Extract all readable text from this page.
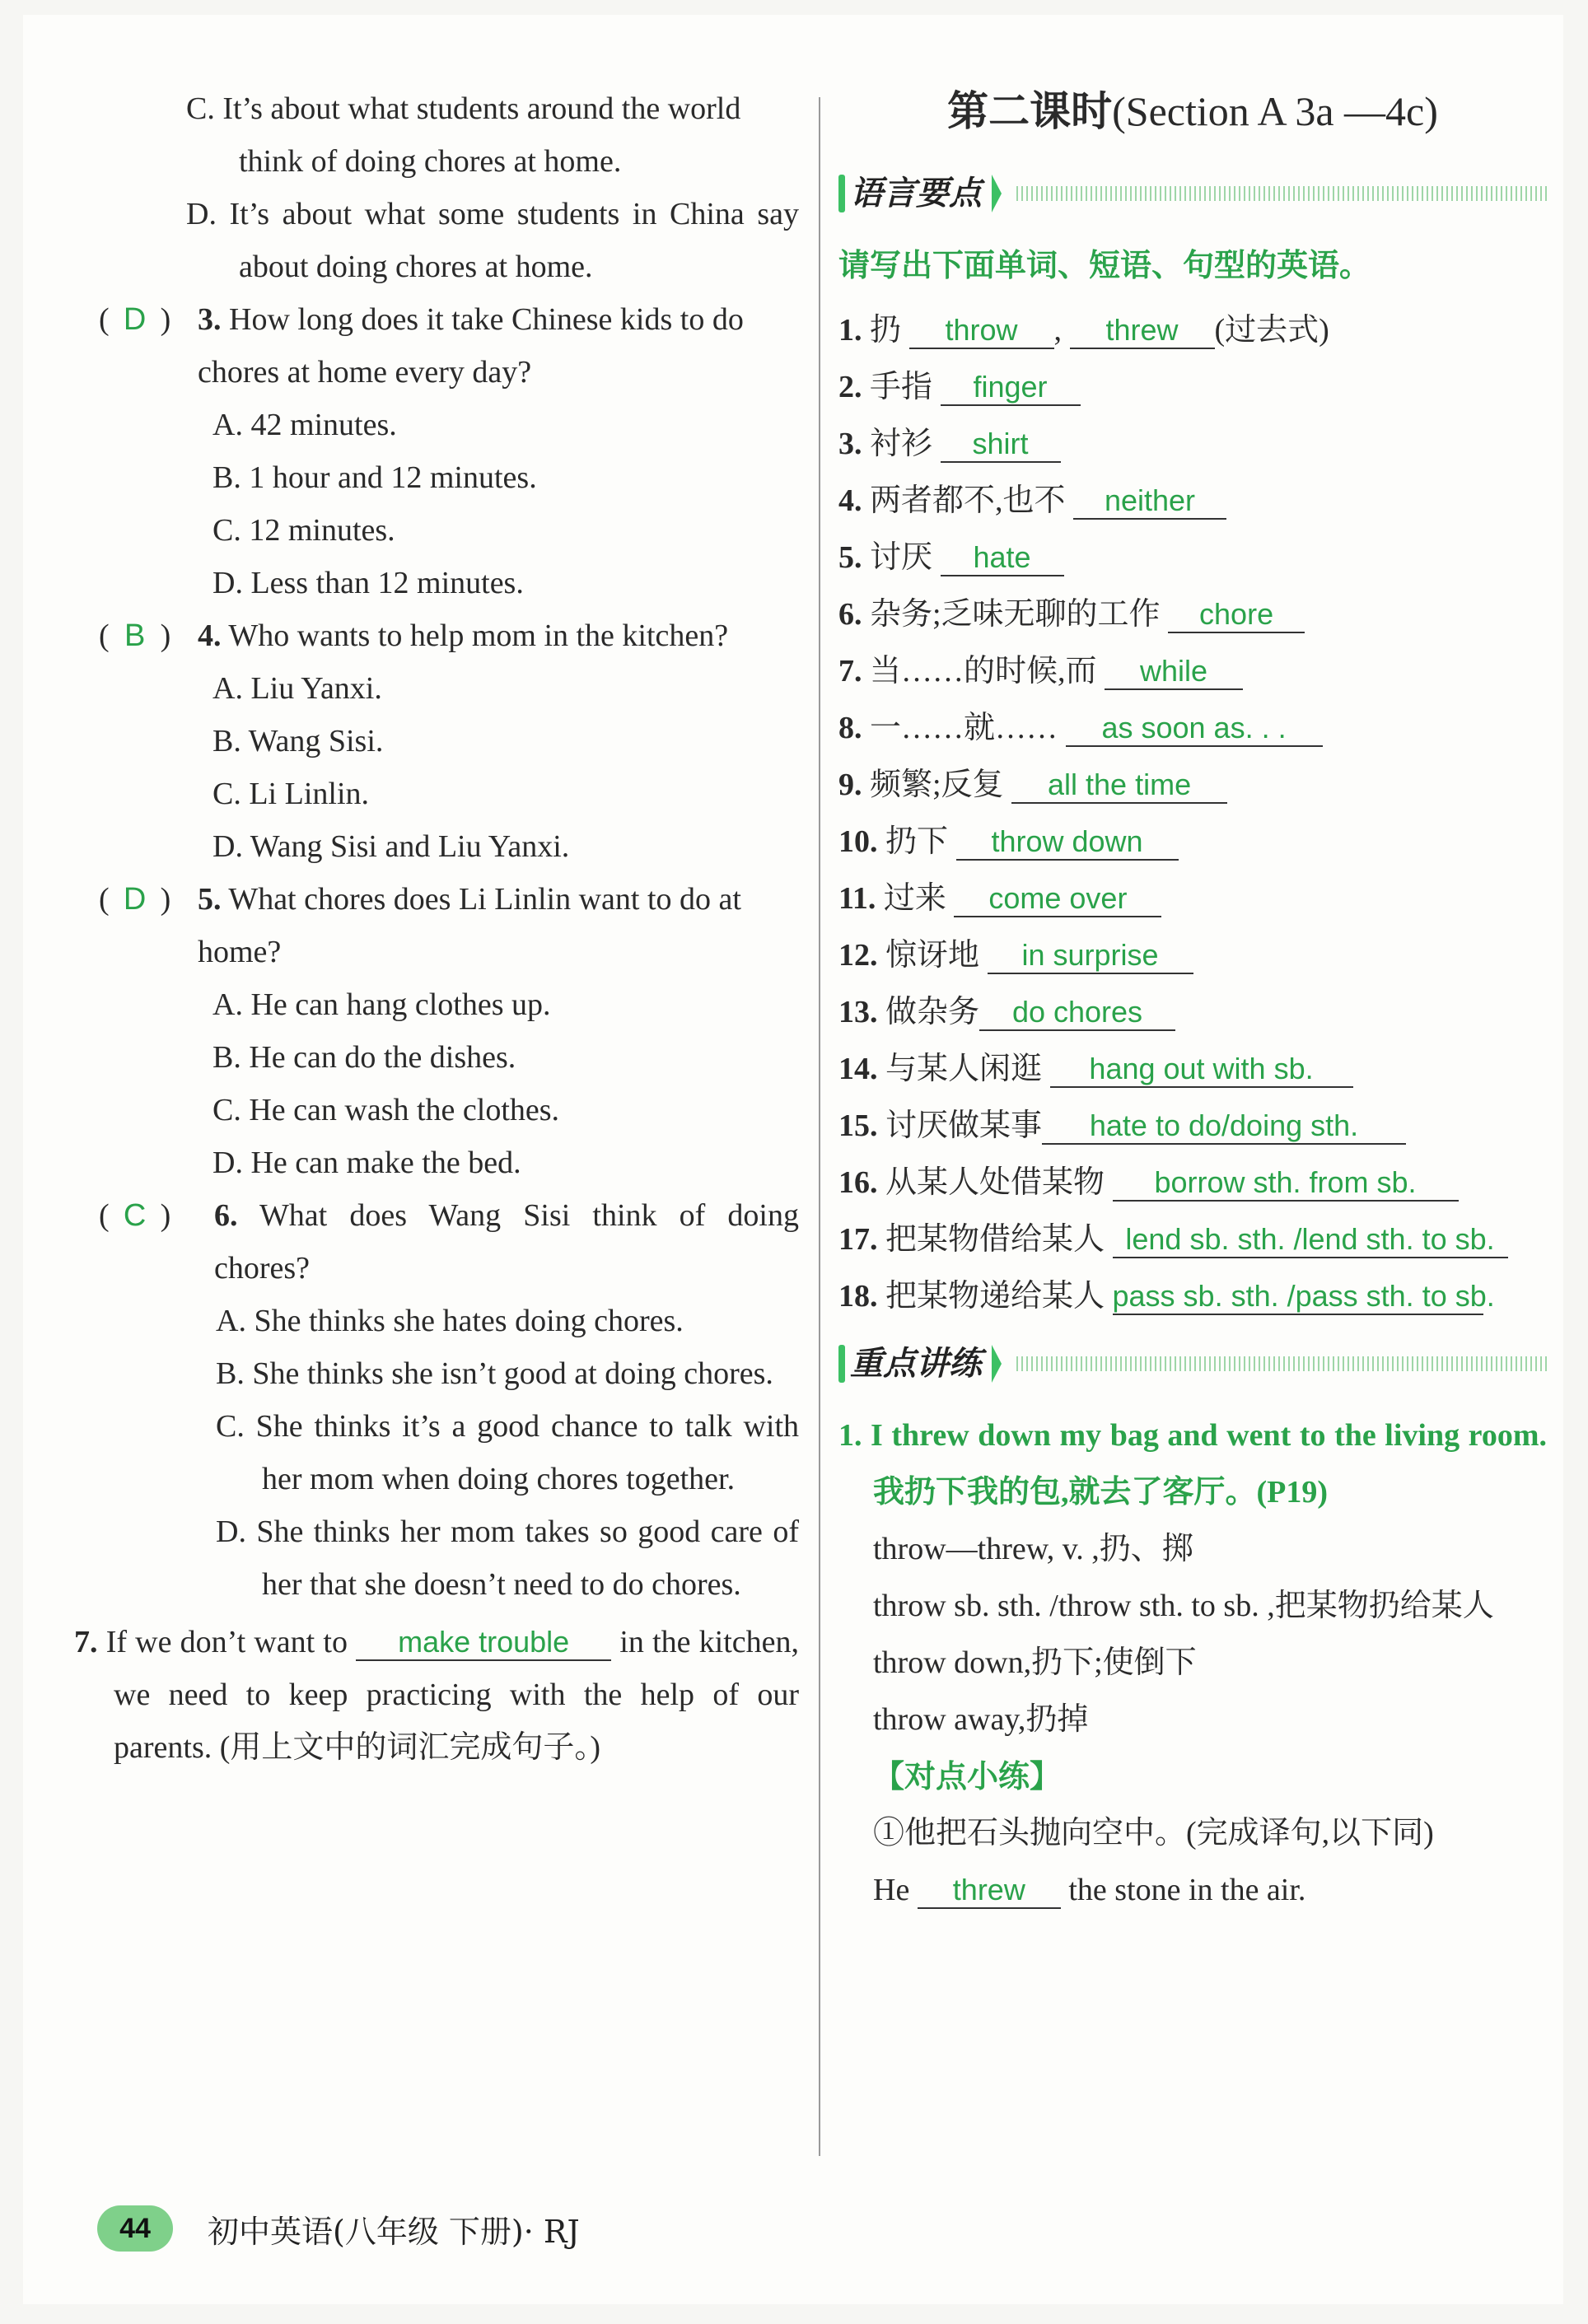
C. It’s about what students around the world think of doing chores at home.
D. It’s about what some students in China say about doing chores at home.
( D ) 3. How long does it take Chinese kids to do chores at home every day?
A. 42 minutes.
B. 1 hour and 12 minutes.
C. 12 minutes.
D. Less than 12 minutes.
( B ) 4. Who wants to help mom in the kitchen?
A. Liu Yanxi.
B. Wang Sisi.
C. Li Linlin.
D. Wang Sisi and Liu Yanxi.
( D ) 5. What chores does Li Linlin want to do at home?
A. He can hang clothes up.
B. He can do the dishes.
C. He can wash the clothes.
D. He can make the bed.
( C )	6. What does Wang Sisi think of doing chores?
A. She thinks she hates doing chores.
B. She thinks she isn’t good at doing chores.
C. She thinks it’s a good chance to talk with her mom when doing chores together.
D. She thinks her mom takes so good care of her that she doesn’t need to do chores.
7. If we don’t want to make trouble in the kitchen, we need to keep practicing with the help of our parents. (用上文中的词汇完成句子。)
第二课时(Section A 3a —4c)
语言要点
请写出下面单词、短语、句型的英语。
1. 扔 throw , threw (过去式)
2. 手指 finger
3. 衬衫 shirt
4. 两者都不,也不 neither
5. 讨厌 hate
6. 杂务;乏味无聊的工作 chore
7. 当……的时候,而 while
8. 一……就…… as soon as. . .
9. 频繁;反复 all the time
10. 扔下 throw down
11. 过来 come over
12. 惊讶地 in surprise
13. 做杂务 do chores
14. 与某人闲逛 hang out with sb.
15. 讨厌做某事 hate to do/doing sth.
16. 从某人处借某物 borrow sth. from sb.
17. 把某物借给某人 lend sb. sth. /lend sth. to sb.
18. 把某物递给某人 pass sb. sth. /pass sth. to sb.
重点讲练
1. I threw down my bag and went to the living room. 我扔下我的包,就去了客厅。(P19)
throw—threw, v. ,扔、掷
throw sb. sth. /throw sth. to sb. ,把某物扔给某人
throw down,扔下;使倒下
throw away,扔掉
【对点小练】
①他把石头抛向空中。(完成译句,以下同)
He threw the stone in the air.
44	初中英语(八年级 下册)· RJ
